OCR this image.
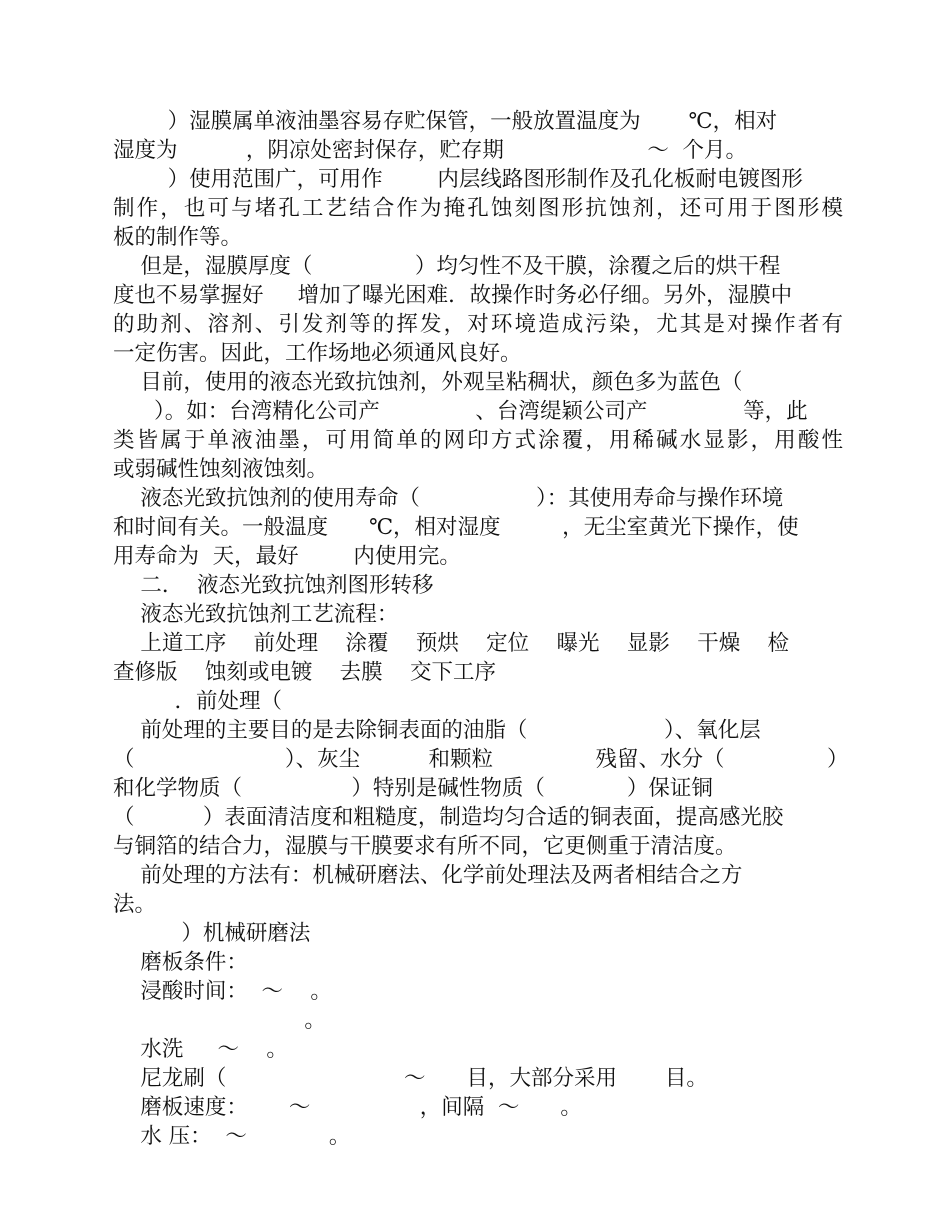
）湿膜属单液油墨容易存贮保管，一般放置温度为       ℃，相对
湿度为          ，阴凉处密封保存，贮存期                     ～  个月。
）使用范围广，可用作        内层线路图形制作及孔化板耐电镀图形
制作，也可与堵孔工艺结合作为掩孔蚀刻图形抗蚀剂，还可用于图形模
板的制作等。
但是，湿膜厚度（               ）均匀性不及干膜，涂覆之后的烘干程
度也不易掌握好     增加了曝光困难．故操作时务必仔细。另外，湿膜中
的助剂、溶剂、引发剂等的挥发，对环境造成污染，尤其是对操作者有
一定伤害。因此，工作场地必须通风良好。
目前，使用的液态光致抗蚀剂，外观呈粘稠状，颜色多为蓝色（
）。如：台湾精化公司产              、台湾缇颖公司产              等，此
类皆属于单液油墨，可用简单的网印方式涂覆，用稀碱水显影，用酸性
或弱碱性蚀刻液蚀刻。
液态光致抗蚀剂的使用寿命（                 ）：其使用寿命与操作环境
和时间有关。一般温度      ℃，相对湿度         ，无尘室黄光下操作，使
用寿命为  天，最好        内使用完。
二．  液态光致抗蚀剂图形转移
液态光致抗蚀剂工艺流程：
上道工序    前处理    涂覆    预烘    定位    曝光    显影    干燥    检
查修版    蚀刻或电镀    去膜    交下工序
．前处理（
前处理的主要目的是去除铜表面的油脂（                    ）、氧化层
（                      ）、灰尘          和颗粒               残留、水分（               ）
和化学物质（                ）特别是碱性物质（            ）保证铜
（          ）表面清洁度和粗糙度，制造均匀合适的铜表面，提高感光胶
与铜箔的结合力，湿膜与干膜要求有所不同，它更侧重于清洁度。
前处理的方法有：机械研磨法、化学前处理法及两者相结合之方
法。
）机械研磨法
磨板条件：
浸酸时间：  ～    。
。
水洗     ～    。
尼龙刷（                          ～      目，大部分采用       目。
磨板速度：      ～                ，间隔  ～      。
水 压：  ～            。
